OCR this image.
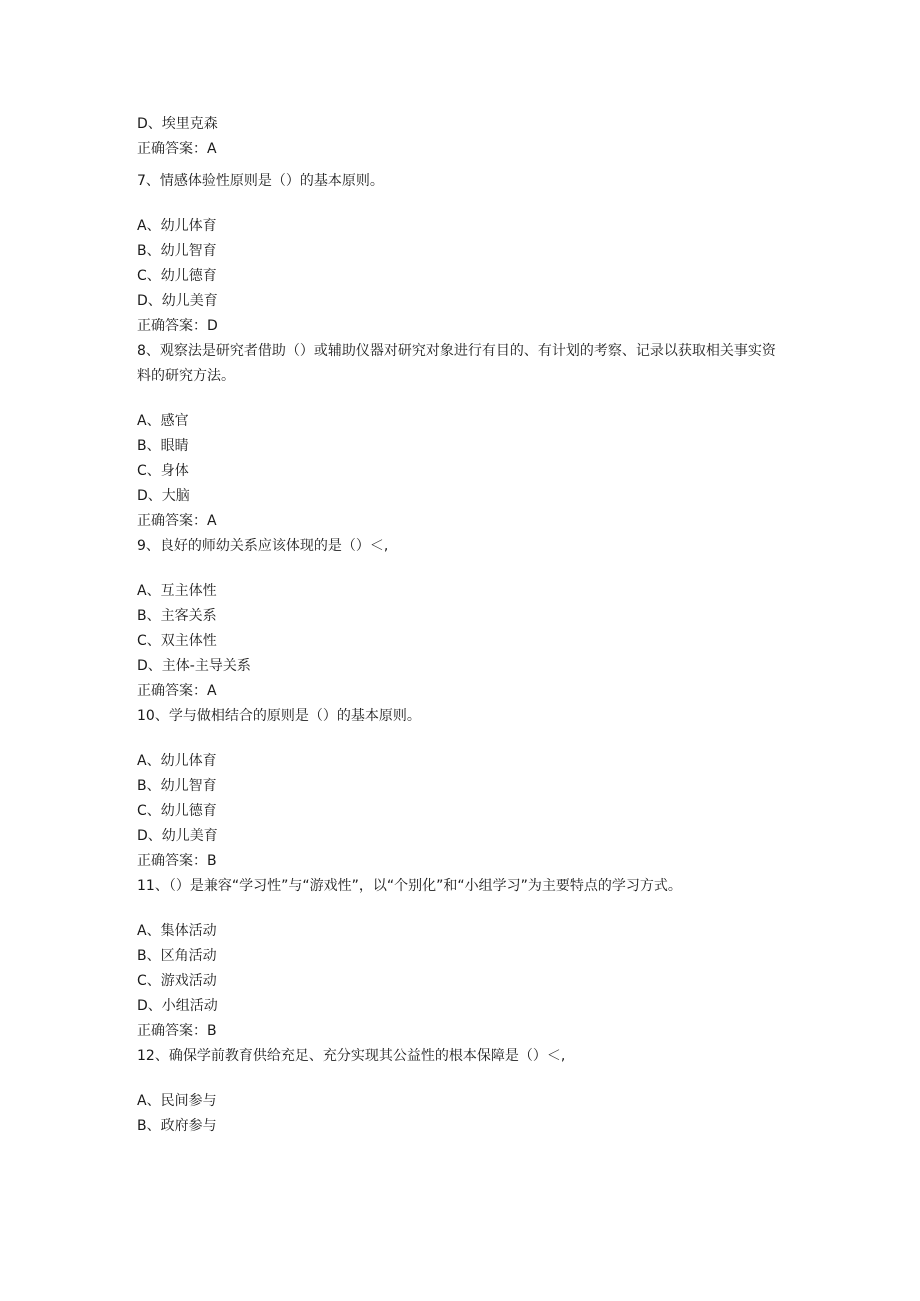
D、埃里克森
正确答案：A
7、情感体验性原则是（）的基本原则。
A、幼儿体育
B、幼儿智育
C、幼儿德育
D、幼儿美育
正确答案：D
8、观察法是研究者借助（）或辅助仪器对研究对象进行有目的、有计划的考察、记录以获取相关事实资料的研究方法。
A、感官
B、眼睛
C、身体
D、大脑
正确答案：A
9、良好的师幼关系应该体现的是（）＜,
A、互主体性
B、主客关系
C、双主体性
D、主体-主导关系
正确答案：A
10、学与做相结合的原则是（）的基本原则。
A、幼儿体育
B、幼儿智育
C、幼儿德育
D、幼儿美育
正确答案：B
11、（）是兼容“学习性”与“游戏性”，以“个别化”和“小组学习”为主要特点的学习方式。
A、集体活动
B、区角活动
C、游戏活动
D、小组活动
正确答案：B
12、确保学前教育供给充足、充分实现其公益性的根本保障是（）＜,
A、民间参与
B、政府参与
